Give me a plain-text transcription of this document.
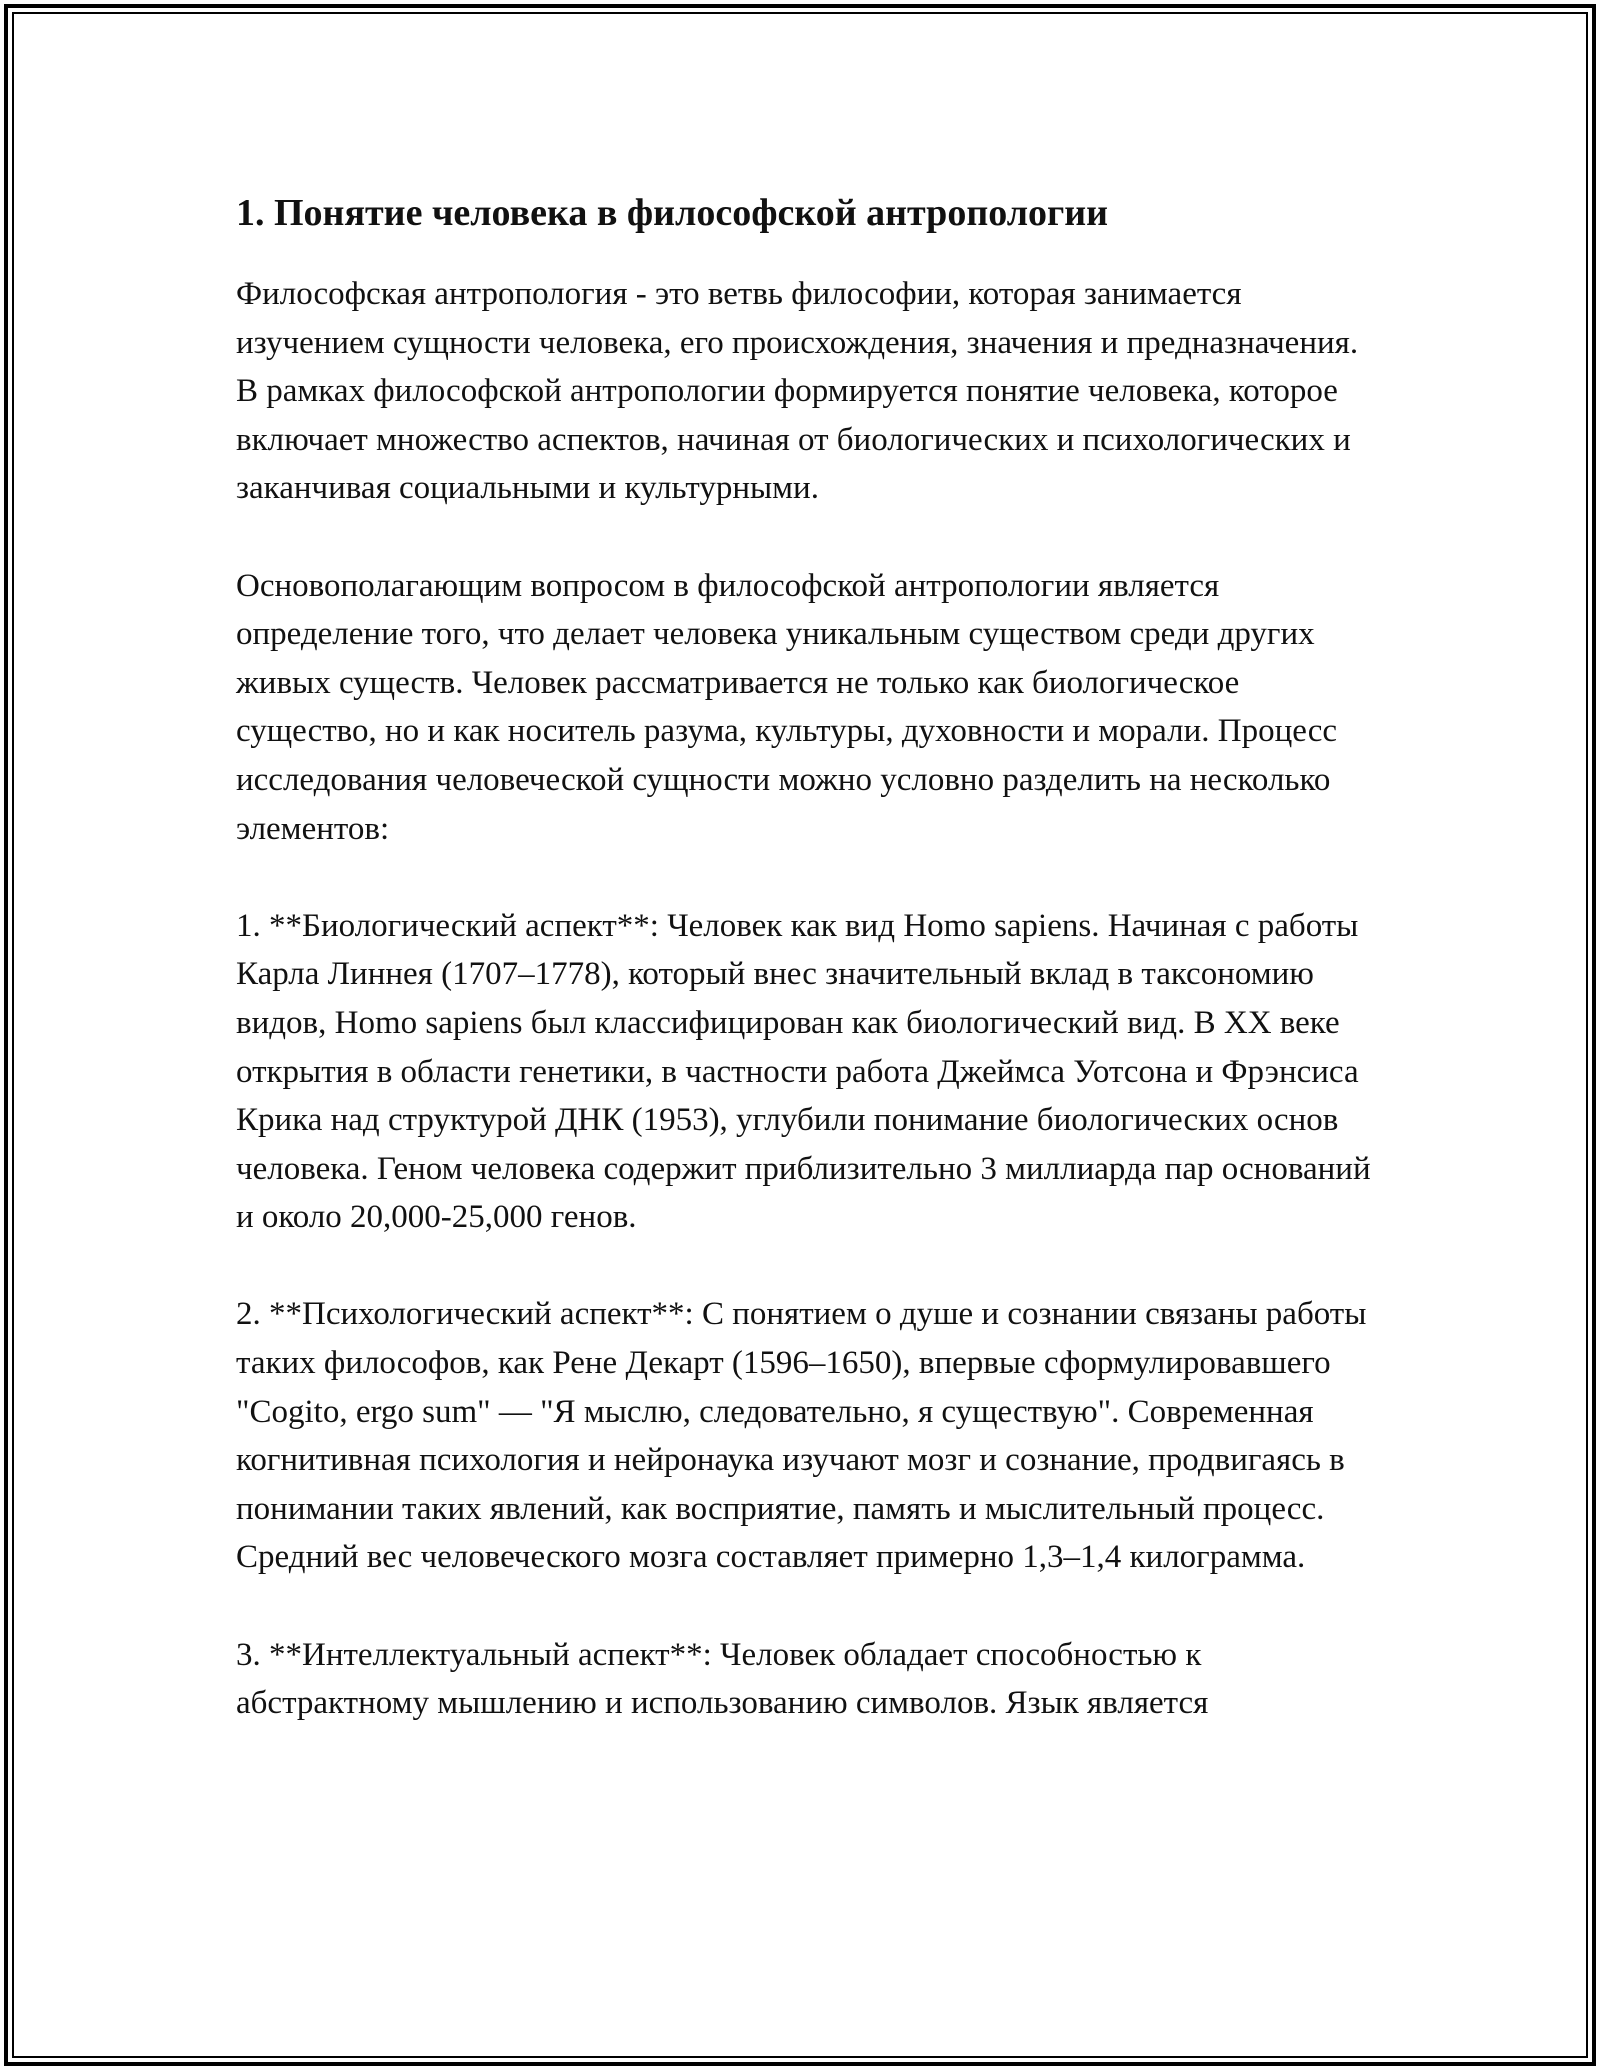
1. Понятие человека в философской антропологии

Философская антропология - это ветвь философии, которая занимается изучением сущности человека, его происхождения, значения и предназначения. В рамках философской антропологии формируется понятие человека, которое включает множество аспектов, начиная от биологических и психологических и заканчивая социальными и культурными.

Основополагающим вопросом в философской антропологии является определение того, что делает человека уникальным существом среди других живых существ. Человек рассматривается не только как биологическое существо, но и как носитель разума, культуры, духовности и морали. Процесс исследования человеческой сущности можно условно разделить на несколько элементов:

1. **Биологический аспект**: Человек как вид Homo sapiens. Начиная с работы Карла Линнея (1707–1778), который внес значительный вклад в таксономию видов, Homo sapiens был классифицирован как биологический вид. В XX веке открытия в области генетики, в частности работа Джеймса Уотсона и Фрэнсиса Крика над структурой ДНК (1953), углубили понимание биологических основ человека. Геном человека содержит приблизительно 3 миллиарда пар оснований и около 20,000-25,000 генов.

2. **Психологический аспект**: С понятием о душе и сознании связаны работы таких философов, как Рене Декарт (1596–1650), впервые сформулировавшего "Cogito, ergo sum" — "Я мыслю, следовательно, я существую". Современная когнитивная психология и нейронаука изучают мозг и сознание, продвигаясь в понимании таких явлений, как восприятие, память и мыслительный процесс. Средний вес человеческого мозга составляет примерно 1,3–1,4 килограмма.

3. **Интеллектуальный аспект**: Человек обладает способностью к абстрактному мышлению и использованию символов. Язык является
